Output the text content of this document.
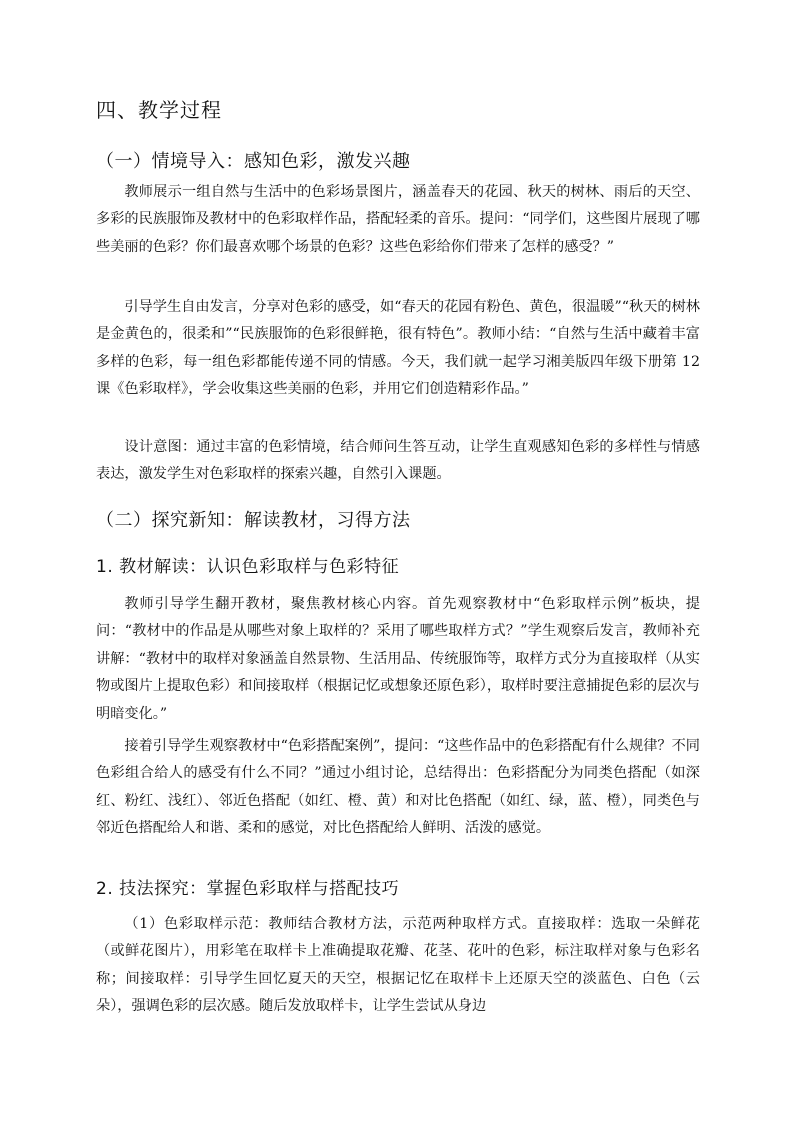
四、教学过程
（一）情境导入：感知色彩，激发兴趣

教师展示一组自然与生活中的色彩场景图片，涵盖春天的花园、秋天的树林、雨后的天空、多彩的民族服饰及教材中的色彩取样作品，搭配轻柔的音乐。提问：“同学们，这些图片展现了哪些美丽的色彩？你们最喜欢哪个场景的色彩？这些色彩给你们带来了怎样的感受？”

引导学生自由发言，分享对色彩的感受，如“春天的花园有粉色、黄色，很温暖”“秋天的树林是金黄色的，很柔和”“民族服饰的色彩很鲜艳，很有特色”。教师小结：“自然与生活中藏着丰富多样的色彩，每一组色彩都能传递不同的情感。今天，我们就一起学习湘美版四年级下册第 12 课《色彩取样》，学会收集这些美丽的色彩，并用它们创造精彩作品。”

设计意图：通过丰富的色彩情境，结合师问生答互动，让学生直观感知色彩的多样性与情感表达，激发学生对色彩取样的探索兴趣，自然引入课题。

（二）探究新知：解读教材，习得方法
1. 教材解读：认识色彩取样与色彩特征

教师引导学生翻开教材，聚焦教材核心内容。首先观察教材中“色彩取样示例”板块，提问：“教材中的作品是从哪些对象上取样的？采用了哪些取样方式？”学生观察后发言，教师补充讲解：“教材中的取样对象涵盖自然景物、生活用品、传统服饰等，取样方式分为直接取样（从实物或图片上提取色彩）和间接取样（根据记忆或想象还原色彩），取样时要注意捕捉色彩的层次与明暗变化。”

接着引导学生观察教材中“色彩搭配案例”，提问：“这些作品中的色彩搭配有什么规律？不同色彩组合给人的感受有什么不同？”通过小组讨论，总结得出：色彩搭配分为同类色搭配（如深红、粉红、浅红）、邻近色搭配（如红、橙、黄）和对比色搭配（如红、绿，蓝、橙），同类色与邻近色搭配给人和谐、柔和的感觉，对比色搭配给人鲜明、活泼的感觉。

2. 技法探究：掌握色彩取样与搭配技巧

（1）色彩取样示范：教师结合教材方法，示范两种取样方式。直接取样：选取一朵鲜花（或鲜花图片），用彩笔在取样卡上准确提取花瓣、花茎、花叶的色彩，标注取样对象与色彩名称；间接取样：引导学生回忆夏天的天空，根据记忆在取样卡上还原天空的淡蓝色、白色（云朵），强调色彩的层次感。随后发放取样卡，让学生尝试从身边
